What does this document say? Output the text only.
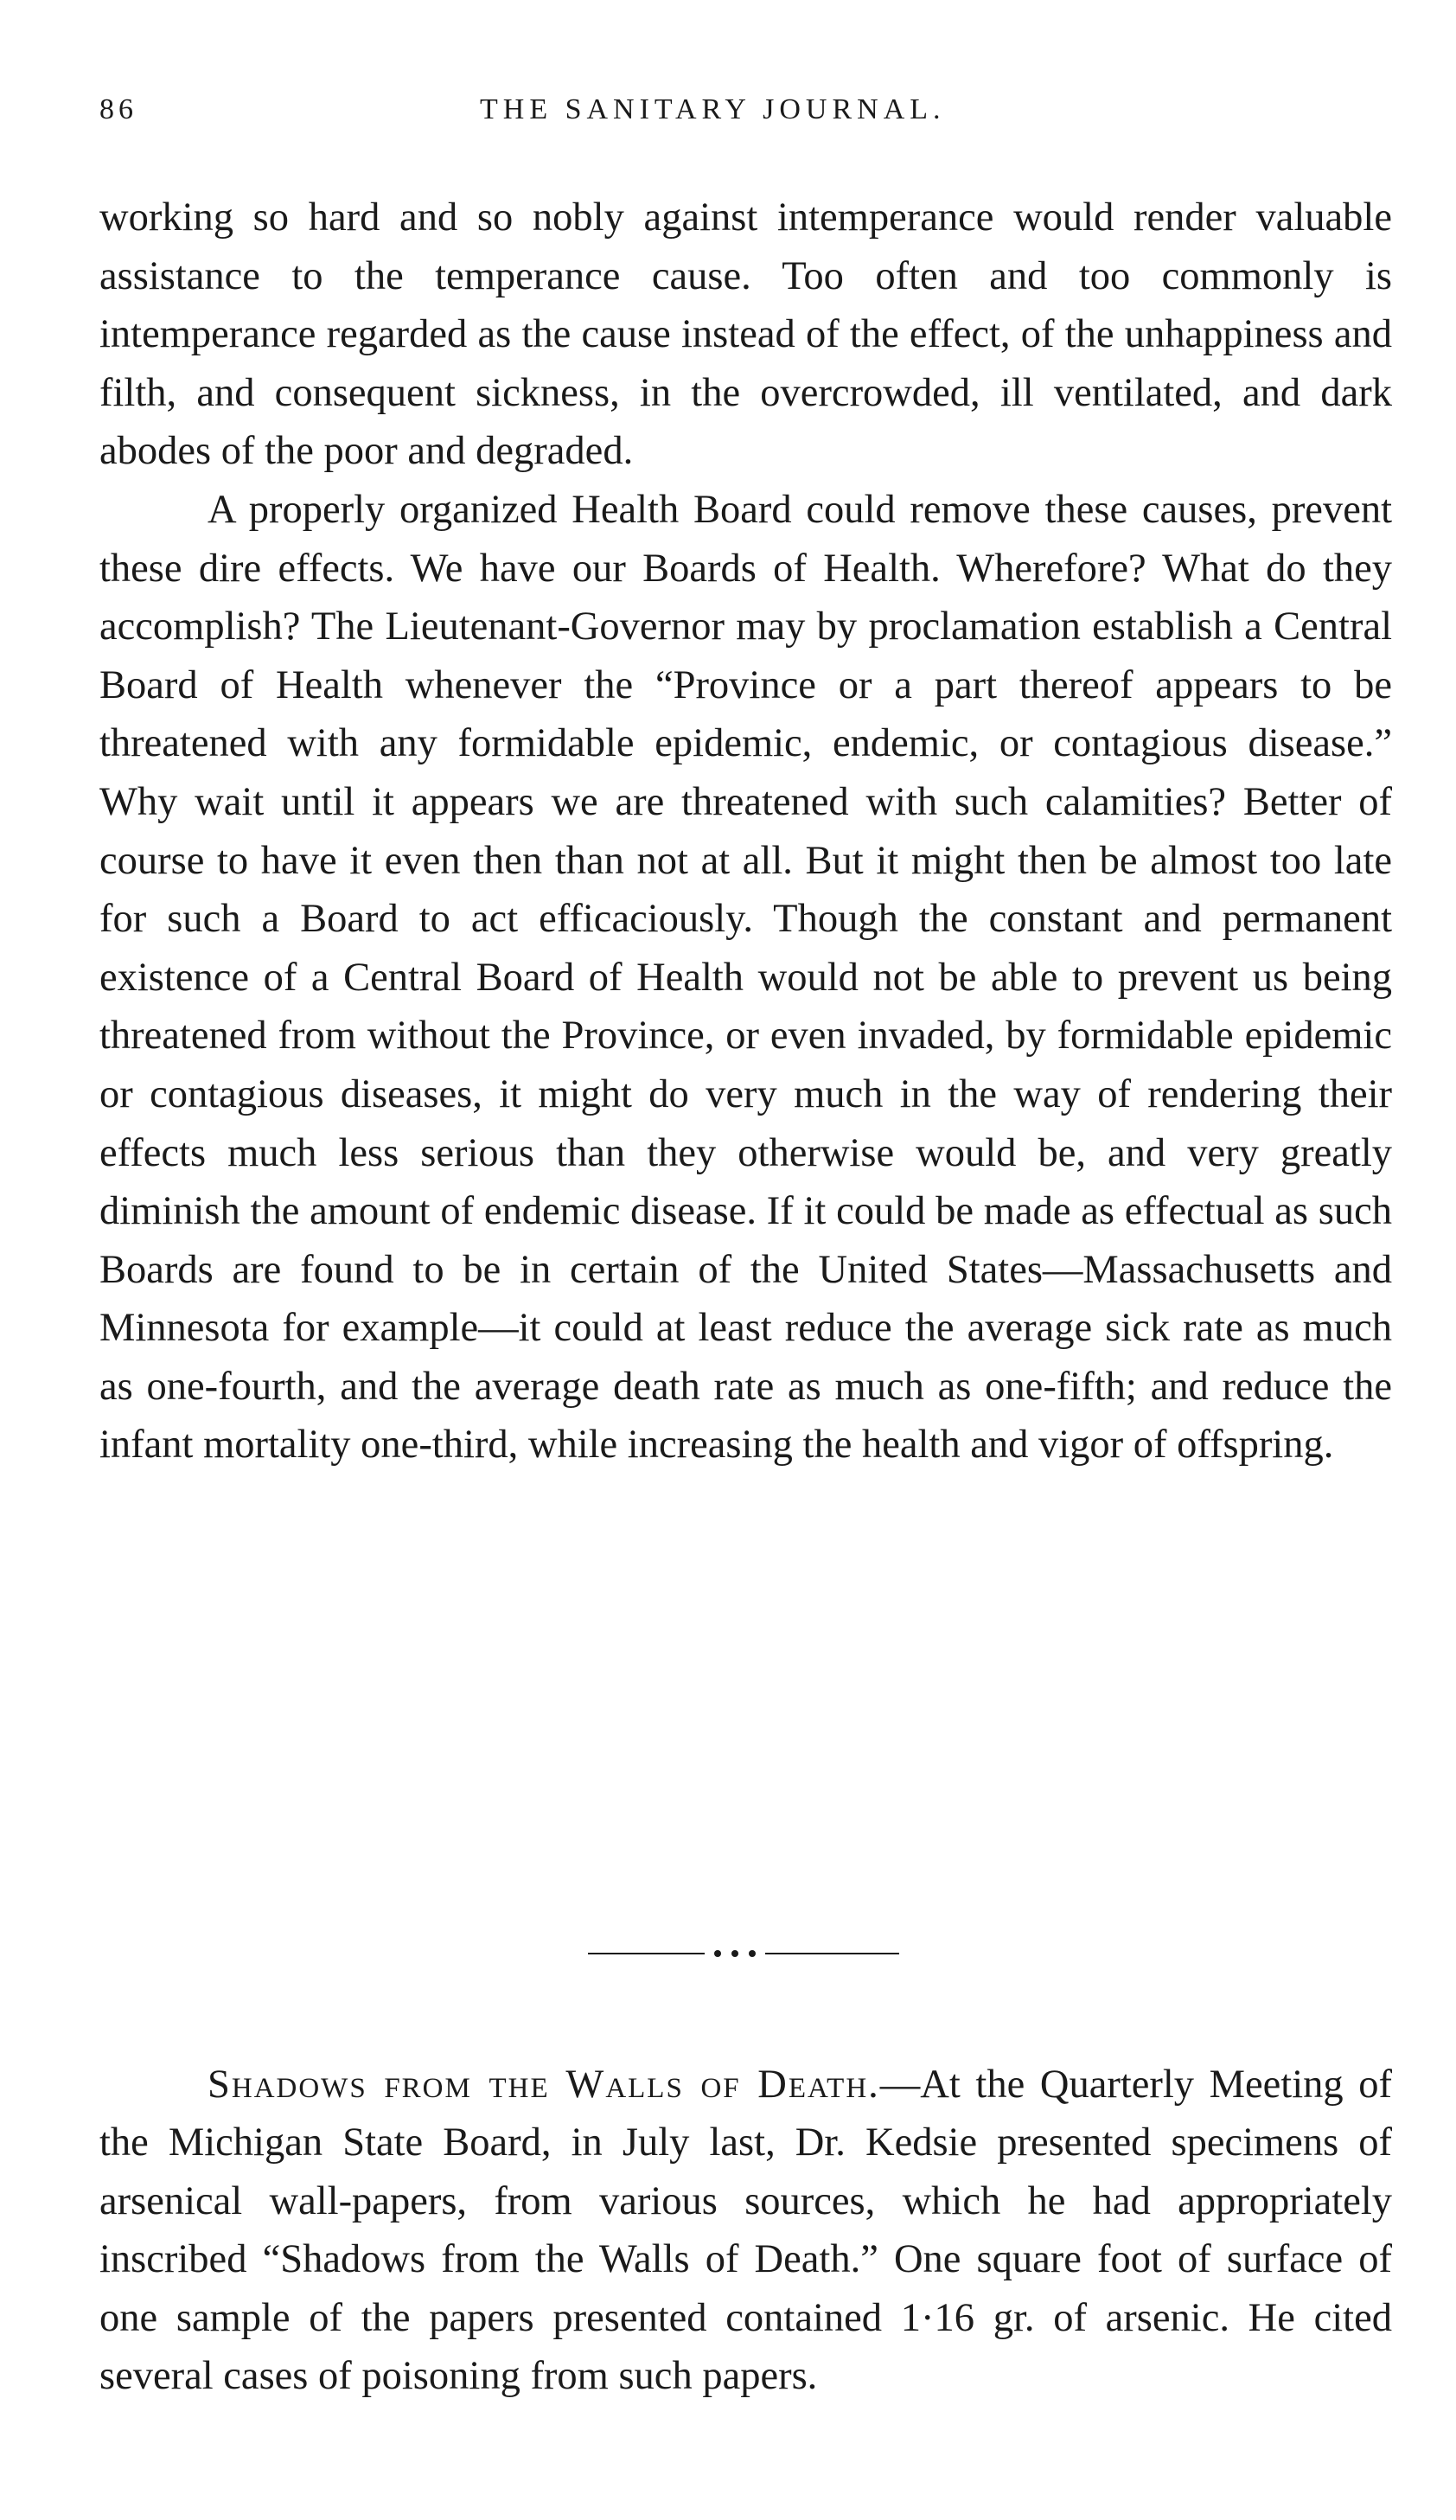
86	THE SANITARY JOURNAL.

working so hard and so nobly against intemperance would render valuable assistance to the temperance cause. Too often and too commonly is intemperance regarded as the cause instead of the effect, of the unhappiness and filth, and consequent sickness, in the overcrowded, ill ventilated, and dark abodes of the poor and degraded.

A properly organized Health Board could remove these causes, prevent these dire effects. We have our Boards of Health. Wherefore? What do they accomplish? The Lieutenant-Governor may by proclamation establish a Central Board of Health whenever the “Province or a part thereof appears to be threatened with any formidable epidemic, endemic, or contagious disease.” Why wait until it appears we are threatened with such calamities? Better of course to have it even then than not at all. But it might then be almost too late for such a Board to act efficaciously. Though the constant and permanent existence of a Central Board of Health would not be able to prevent us being threatened from without the Province, or even invaded, by formidable epidemic or contagious diseases, it might do very much in the way of rendering their effects much less serious than they otherwise would be, and very greatly diminish the amount of endemic disease. If it could be made as effectual as such Boards are found to be in certain of the United States—Massachusetts and Minnesota for example—it could at least reduce the average sick rate as much as one-fourth, and the average death rate as much as one-fifth; and reduce the infant mortality one-third, while increasing the health and vigor of offspring.

Shadows from the Walls of Death.—At the Quarterly Meeting of the Michigan State Board, in July last, Dr. Kedsie presented specimens of arsenical wall-papers, from various sources, which he had appropriately inscribed “Shadows from the Walls of Death.” One square foot of surface of one sample of the papers presented contained 1·16 gr. of arsenic. He cited several cases of poisoning from such papers.
